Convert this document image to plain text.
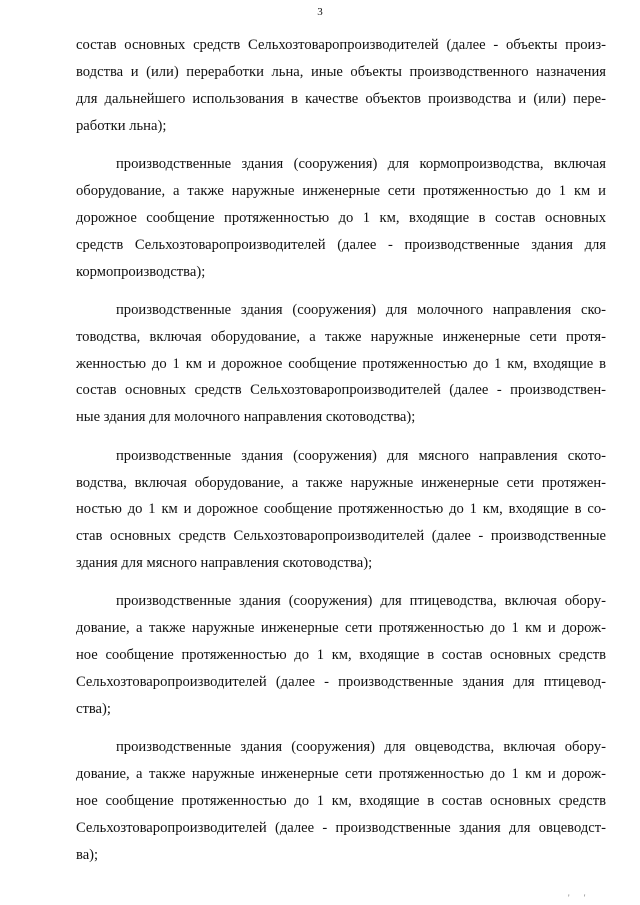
3
состав основных средств Сельхозтоваропроизводителей (далее - объекты произ-
водства и (или) переработки льна, иные объекты производственного назначения
для дальнейшего использования в качестве объектов производства и (или) пере-
работки льна);
производственные здания (сооружения) для кормопроизводства, включая
оборудование, а также наружные инженерные сети протяженностью до 1 км и
дорожное сообщение протяженностью до 1 км, входящие в состав основных
средств Сельхозтоваропроизводителей (далее - производственные здания для
кормопроизводства);
производственные здания (сооружения) для молочного направления ско-
товодства, включая оборудование, а также наружные инженерные сети протя-
женностью до 1 км и дорожное сообщение протяженностью до 1 км, входящие в
состав основных средств Сельхозтоваропроизводителей (далее - производствен-
ные здания для молочного направления скотоводства);
производственные здания (сооружения) для мясного направления ското-
водства, включая оборудование, а также наружные инженерные сети протяжен-
ностью до 1 км и дорожное сообщение протяженностью до 1 км, входящие в со-
став основных средств Сельхозтоваропроизводителей (далее - производственные
здания для мясного направления скотоводства);
производственные здания (сооружения) для птицеводства, включая обору-
дование, а также наружные инженерные сети протяженностью до 1 км и дорож-
ное сообщение протяженностью до 1 км, входящие в состав основных средств
Сельхозтоваропроизводителей (далее - производственные здания для птицевод-
ства);
производственные здания (сооружения) для овцеводства, включая обору-
дование, а также наружные инженерные сети протяженностью до 1 км и дорож-
ное сообщение протяженностью до 1 км, входящие в состав основных средств
Сельхозтоваропроизводителей (далее - производственные здания для овцеводст-
ва);
' '
